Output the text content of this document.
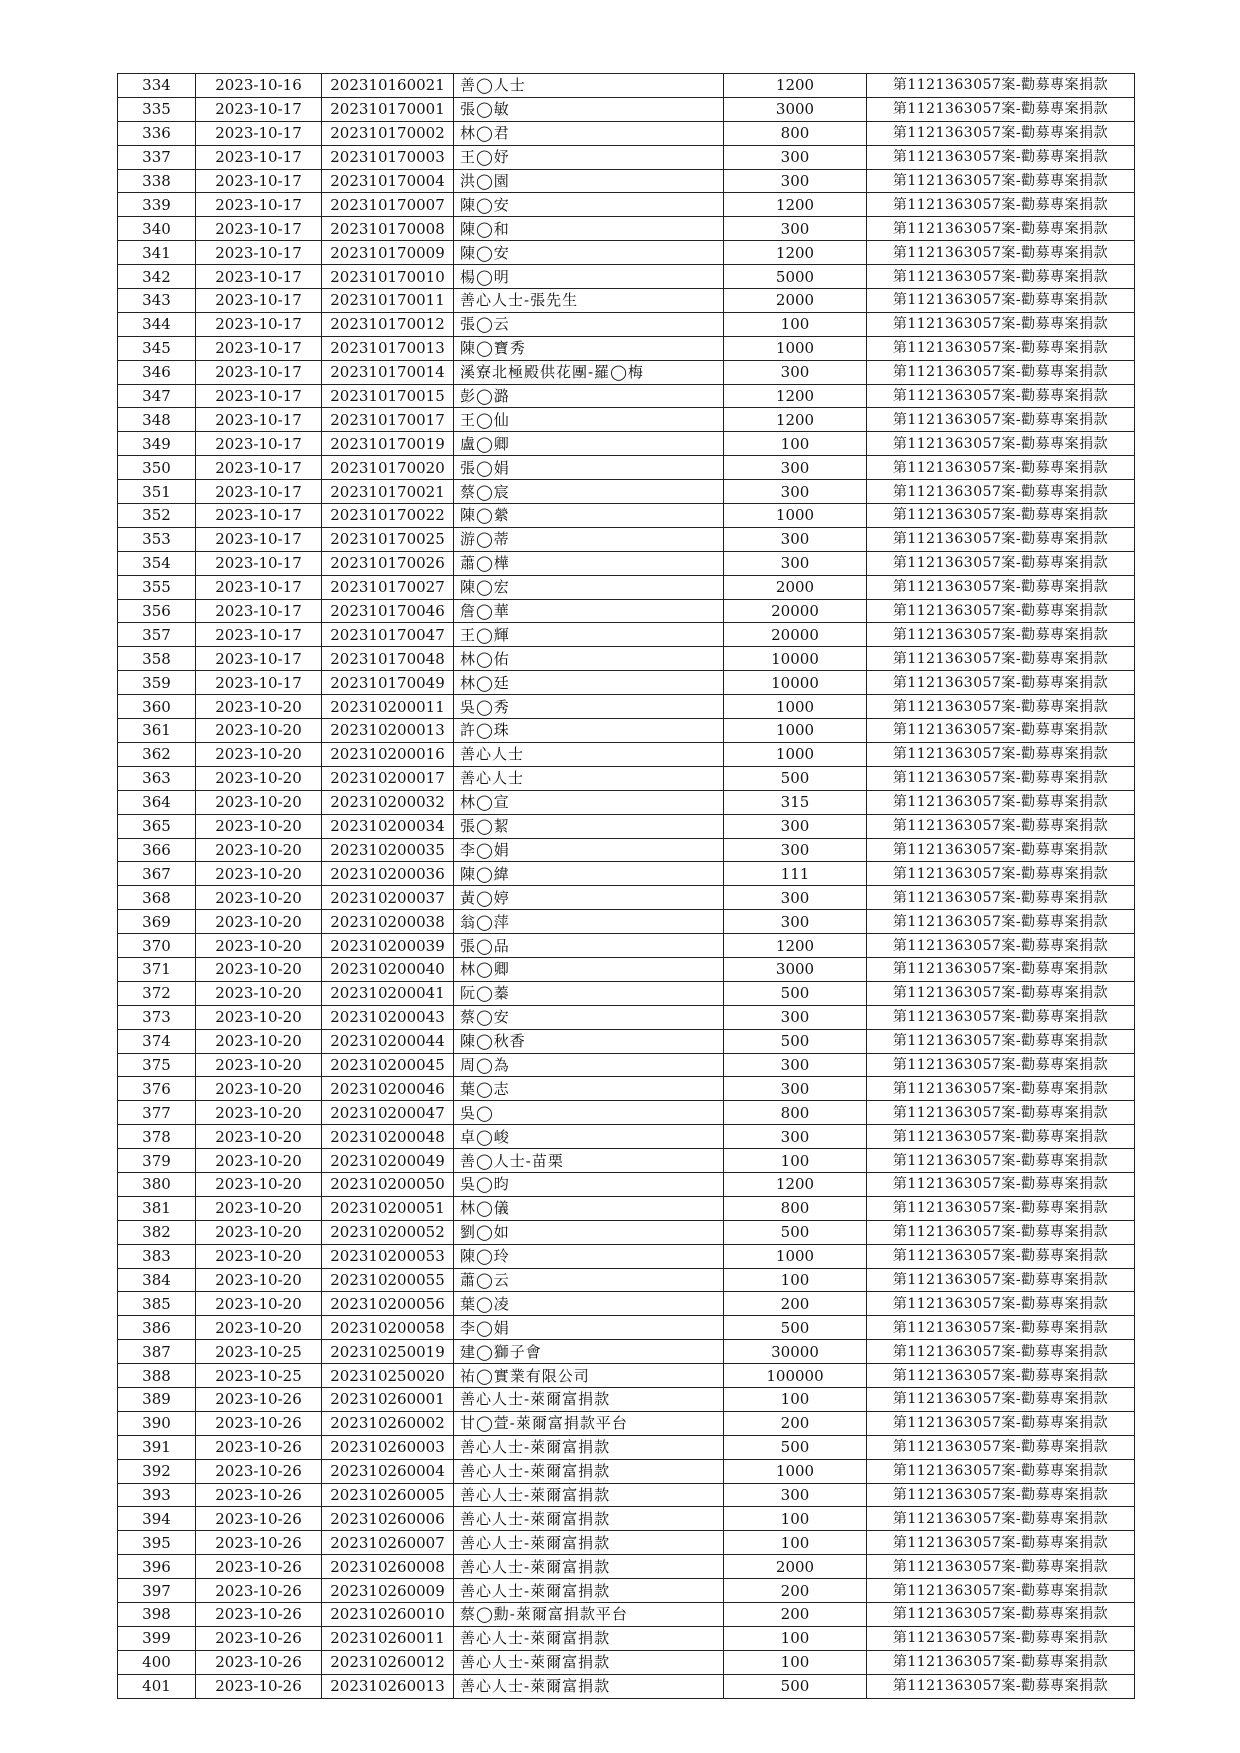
334	2023-10-16	202310160021	善◯人士	1200	第1121363057案-勸募專案捐款
335	2023-10-17	202310170001	張◯敏	3000	第1121363057案-勸募專案捐款
336	2023-10-17	202310170002	林◯君	800	第1121363057案-勸募專案捐款
337	2023-10-17	202310170003	王◯妤	300	第1121363057案-勸募專案捐款
338	2023-10-17	202310170004	洪◯園	300	第1121363057案-勸募專案捐款
339	2023-10-17	202310170007	陳◯安	1200	第1121363057案-勸募專案捐款
340	2023-10-17	202310170008	陳◯和	300	第1121363057案-勸募專案捐款
341	2023-10-17	202310170009	陳◯安	1200	第1121363057案-勸募專案捐款
342	2023-10-17	202310170010	楊◯明	5000	第1121363057案-勸募專案捐款
343	2023-10-17	202310170011	善心人士-張先生	2000	第1121363057案-勸募專案捐款
344	2023-10-17	202310170012	張◯云	100	第1121363057案-勸募專案捐款
345	2023-10-17	202310170013	陳◯寶秀	1000	第1121363057案-勸募專案捐款
346	2023-10-17	202310170014	溪寮北極殿供花團-羅◯梅	300	第1121363057案-勸募專案捐款
347	2023-10-17	202310170015	彭◯潞	1200	第1121363057案-勸募專案捐款
348	2023-10-17	202310170017	王◯仙	1200	第1121363057案-勸募專案捐款
349	2023-10-17	202310170019	盧◯卿	100	第1121363057案-勸募專案捐款
350	2023-10-17	202310170020	張◯娟	300	第1121363057案-勸募專案捐款
351	2023-10-17	202310170021	蔡◯宸	300	第1121363057案-勸募專案捐款
352	2023-10-17	202310170022	陳◯縈	1000	第1121363057案-勸募專案捐款
353	2023-10-17	202310170025	游◯蒂	300	第1121363057案-勸募專案捐款
354	2023-10-17	202310170026	蕭◯樺	300	第1121363057案-勸募專案捐款
355	2023-10-17	202310170027	陳◯宏	2000	第1121363057案-勸募專案捐款
356	2023-10-17	202310170046	詹◯華	20000	第1121363057案-勸募專案捐款
357	2023-10-17	202310170047	王◯輝	20000	第1121363057案-勸募專案捐款
358	2023-10-17	202310170048	林◯佑	10000	第1121363057案-勸募專案捐款
359	2023-10-17	202310170049	林◯廷	10000	第1121363057案-勸募專案捐款
360	2023-10-20	202310200011	吳◯秀	1000	第1121363057案-勸募專案捐款
361	2023-10-20	202310200013	許◯珠	1000	第1121363057案-勸募專案捐款
362	2023-10-20	202310200016	善心人士	1000	第1121363057案-勸募專案捐款
363	2023-10-20	202310200017	善心人士	500	第1121363057案-勸募專案捐款
364	2023-10-20	202310200032	林◯宣	315	第1121363057案-勸募專案捐款
365	2023-10-20	202310200034	張◯絜	300	第1121363057案-勸募專案捐款
366	2023-10-20	202310200035	李◯娟	300	第1121363057案-勸募專案捐款
367	2023-10-20	202310200036	陳◯緯	111	第1121363057案-勸募專案捐款
368	2023-10-20	202310200037	黃◯婷	300	第1121363057案-勸募專案捐款
369	2023-10-20	202310200038	翁◯萍	300	第1121363057案-勸募專案捐款
370	2023-10-20	202310200039	張◯品	1200	第1121363057案-勸募專案捐款
371	2023-10-20	202310200040	林◯卿	3000	第1121363057案-勸募專案捐款
372	2023-10-20	202310200041	阮◯蓁	500	第1121363057案-勸募專案捐款
373	2023-10-20	202310200043	蔡◯安	300	第1121363057案-勸募專案捐款
374	2023-10-20	202310200044	陳◯秋香	500	第1121363057案-勸募專案捐款
375	2023-10-20	202310200045	周◯為	300	第1121363057案-勸募專案捐款
376	2023-10-20	202310200046	葉◯志	300	第1121363057案-勸募專案捐款
377	2023-10-20	202310200047	吳◯	800	第1121363057案-勸募專案捐款
378	2023-10-20	202310200048	卓◯峻	300	第1121363057案-勸募專案捐款
379	2023-10-20	202310200049	善◯人士-苗栗	100	第1121363057案-勸募專案捐款
380	2023-10-20	202310200050	吳◯昀	1200	第1121363057案-勸募專案捐款
381	2023-10-20	202310200051	林◯儀	800	第1121363057案-勸募專案捐款
382	2023-10-20	202310200052	劉◯如	500	第1121363057案-勸募專案捐款
383	2023-10-20	202310200053	陳◯玲	1000	第1121363057案-勸募專案捐款
384	2023-10-20	202310200055	蕭◯云	100	第1121363057案-勸募專案捐款
385	2023-10-20	202310200056	葉◯凌	200	第1121363057案-勸募專案捐款
386	2023-10-20	202310200058	李◯娟	500	第1121363057案-勸募專案捐款
387	2023-10-25	202310250019	建◯獅子會	30000	第1121363057案-勸募專案捐款
388	2023-10-25	202310250020	祐◯實業有限公司	100000	第1121363057案-勸募專案捐款
389	2023-10-26	202310260001	善心人士-萊爾富捐款	100	第1121363057案-勸募專案捐款
390	2023-10-26	202310260002	甘◯萱-萊爾富捐款平台	200	第1121363057案-勸募專案捐款
391	2023-10-26	202310260003	善心人士-萊爾富捐款	500	第1121363057案-勸募專案捐款
392	2023-10-26	202310260004	善心人士-萊爾富捐款	1000	第1121363057案-勸募專案捐款
393	2023-10-26	202310260005	善心人士-萊爾富捐款	300	第1121363057案-勸募專案捐款
394	2023-10-26	202310260006	善心人士-萊爾富捐款	100	第1121363057案-勸募專案捐款
395	2023-10-26	202310260007	善心人士-萊爾富捐款	100	第1121363057案-勸募專案捐款
396	2023-10-26	202310260008	善心人士-萊爾富捐款	2000	第1121363057案-勸募專案捐款
397	2023-10-26	202310260009	善心人士-萊爾富捐款	200	第1121363057案-勸募專案捐款
398	2023-10-26	202310260010	蔡◯勳-萊爾富捐款平台	200	第1121363057案-勸募專案捐款
399	2023-10-26	202310260011	善心人士-萊爾富捐款	100	第1121363057案-勸募專案捐款
400	2023-10-26	202310260012	善心人士-萊爾富捐款	100	第1121363057案-勸募專案捐款
401	2023-10-26	202310260013	善心人士-萊爾富捐款	500	第1121363057案-勸募專案捐款
